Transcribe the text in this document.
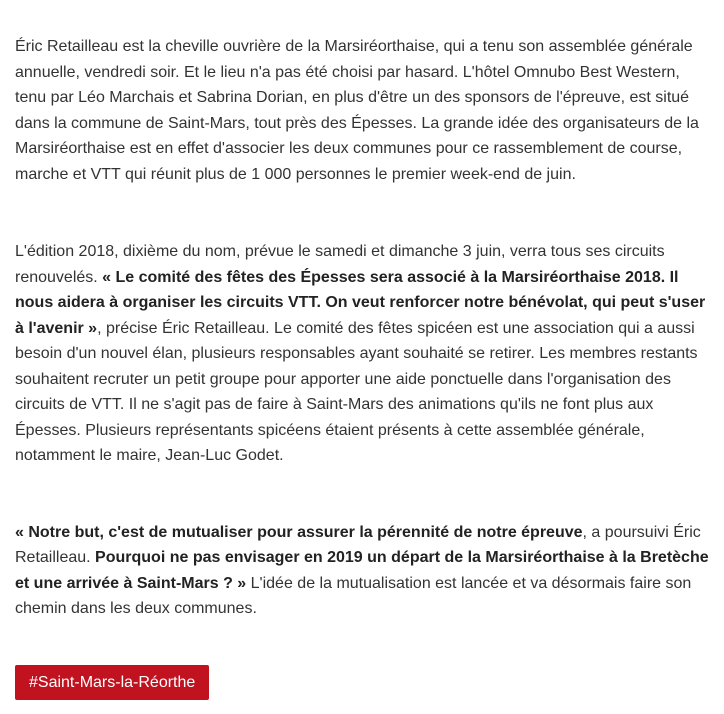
Éric Retailleau est la cheville ouvrière de la Marsiréorthaise, qui a tenu son assemblée générale annuelle, vendredi soir. Et le lieu n'a pas été choisi par hasard. L'hôtel Omnubo Best Western, tenu par Léo Marchais et Sabrina Dorian, en plus d'être un des sponsors de l'épreuve, est situé dans la commune de Saint-Mars, tout près des Épesses. La grande idée des organisateurs de la Marsiréorthaise est en effet d'associer les deux communes pour ce rassemblement de course, marche et VTT qui réunit plus de 1 000 personnes le premier week-end de juin.

L'édition 2018, dixième du nom, prévue le samedi et dimanche 3 juin, verra tous ses circuits renouvelés. « Le comité des fêtes des Épesses sera associé à la Marsiréorthaise 2018. Il nous aidera à organiser les circuits VTT. On veut renforcer notre bénévolat, qui peut s'user à l'avenir », précise Éric Retailleau. Le comité des fêtes spicéen est une association qui a aussi besoin d'un nouvel élan, plusieurs responsables ayant souhaité se retirer. Les membres restants souhaitent recruter un petit groupe pour apporter une aide ponctuelle dans l'organisation des circuits de VTT. Il ne s'agit pas de faire à Saint-Mars des animations qu'ils ne font plus aux Épesses. Plusieurs représentants spicéens étaient présents à cette assemblée générale, notamment le maire, Jean-Luc Godet.

« Notre but, c'est de mutualiser pour assurer la pérennité de notre épreuve, a poursuivi Éric Retailleau. Pourquoi ne pas envisager en 2019 un départ de la Marsiréorthaise à la Bretèche et une arrivée à Saint-Mars ? » L'idée de la mutualisation est lancée et va désormais faire son chemin dans les deux communes.

#Saint-Mars-la-Réorthe
